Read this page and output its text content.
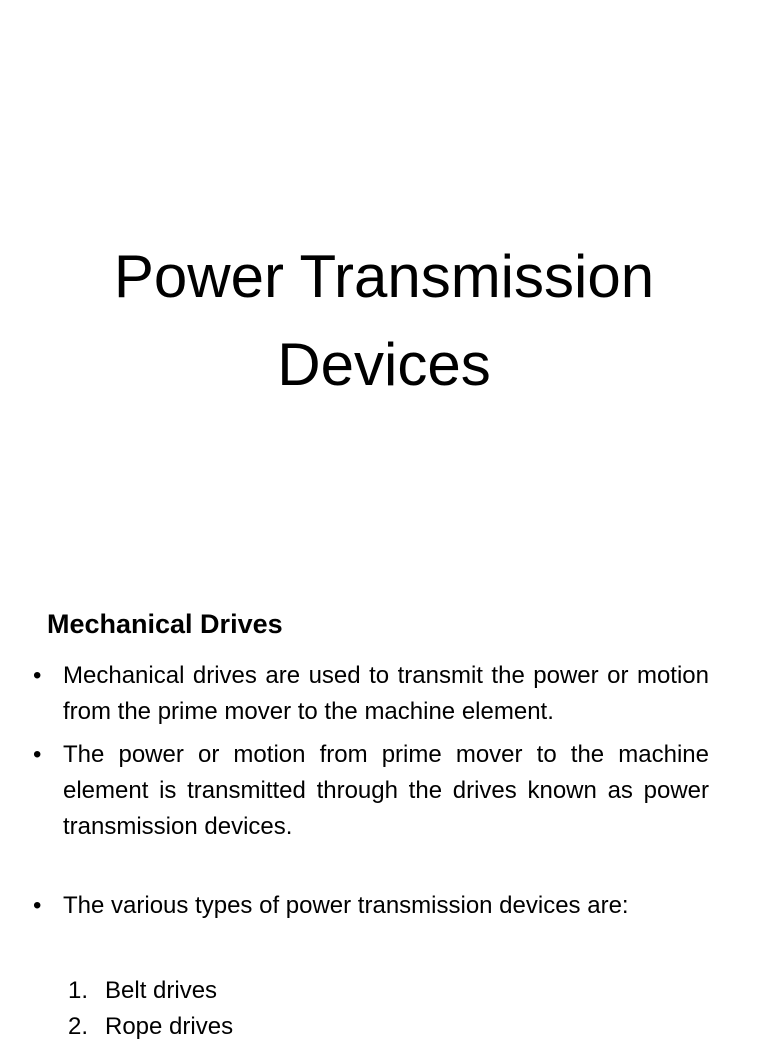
Power Transmission
Devices
Mechanical Drives
• Mechanical drives are used to transmit the power or motion from the prime mover to the machine element.
• The power or motion from prime mover to the machine element is transmitted through the drives known as power transmission devices.
• The various types of power transmission devices are:
1. Belt drives
2. Rope drives
